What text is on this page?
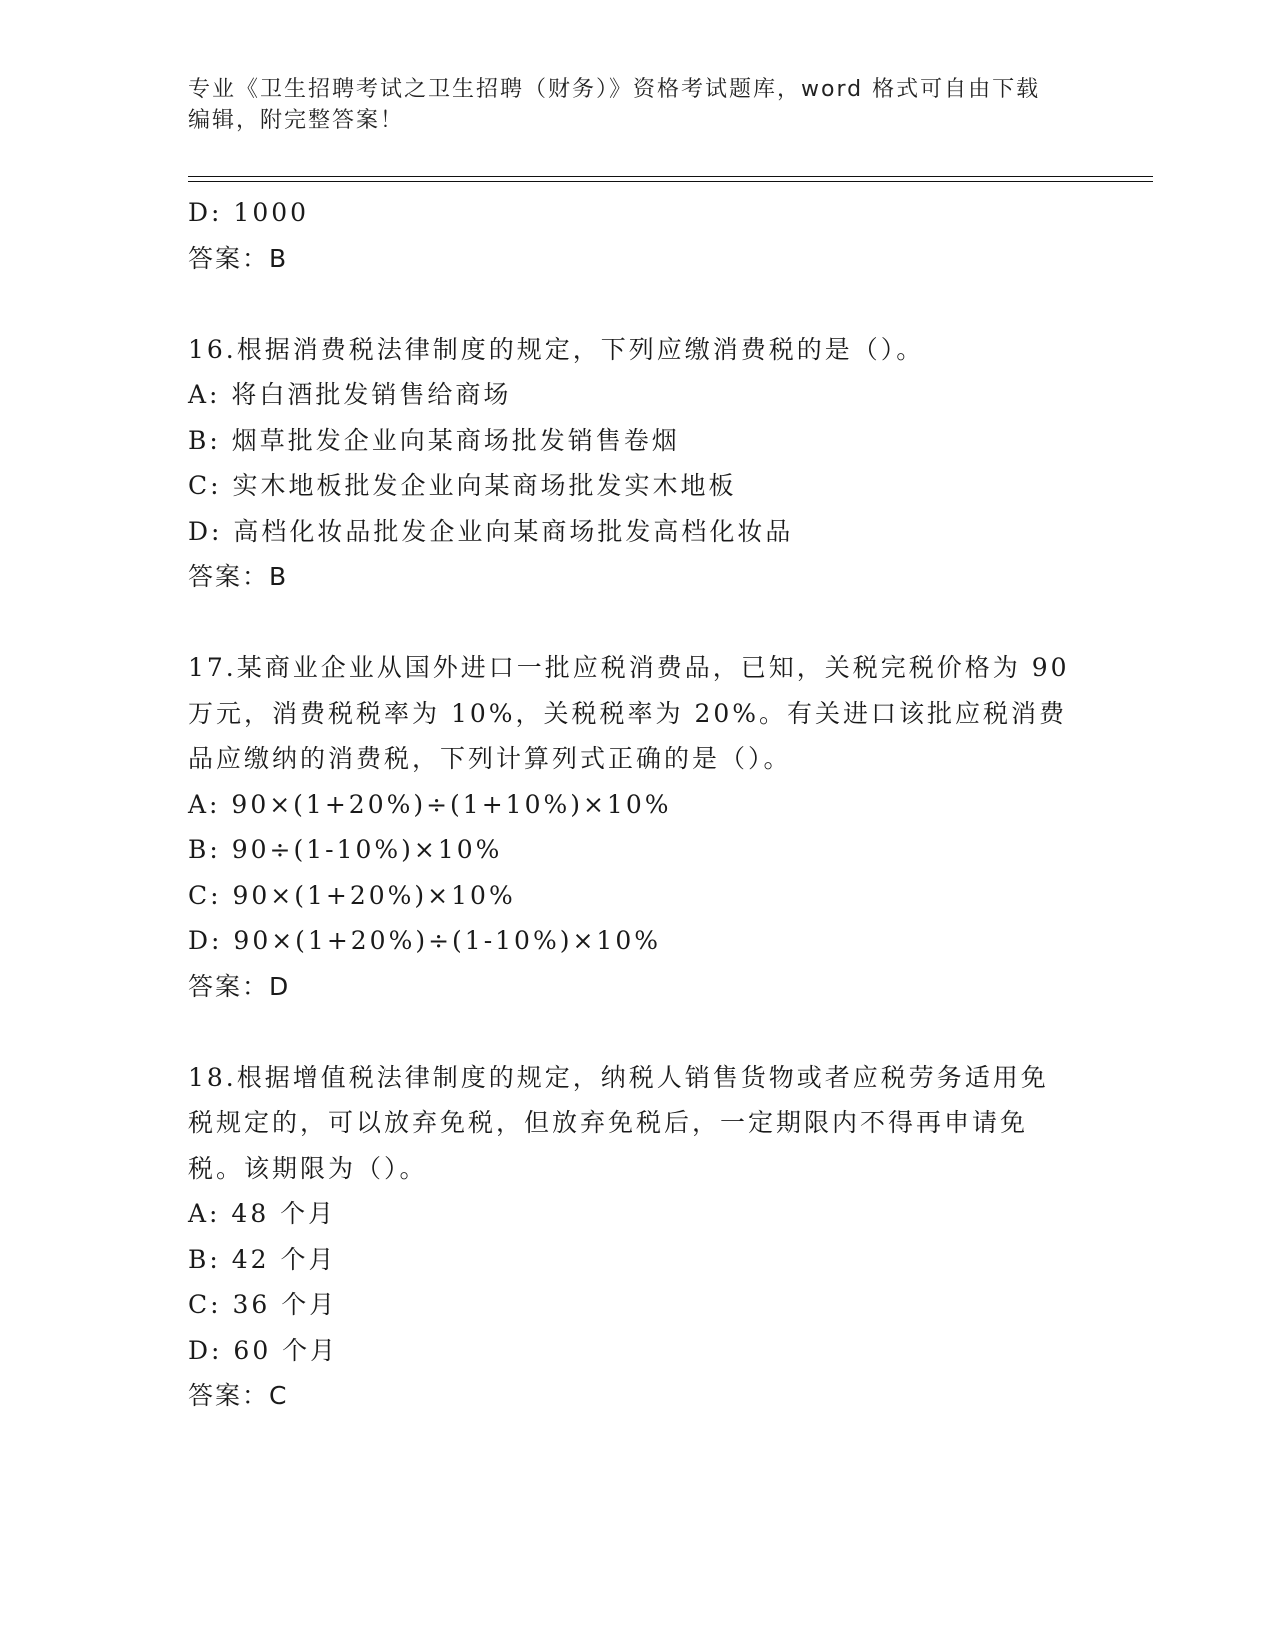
专业《卫生招聘考试之卫生招聘（财务）》资格考试题库，word 格式可自由下载
编辑，附完整答案！
D: 1000
答案：B
16.根据消费税法律制度的规定，下列应缴消费税的是（）。
A: 将白酒批发销售给商场
B: 烟草批发企业向某商场批发销售卷烟
C: 实木地板批发企业向某商场批发实木地板
D: 高档化妆品批发企业向某商场批发高档化妆品
答案：B
17.某商业企业从国外进口一批应税消费品，已知，关税完税价格为 90
万元，消费税税率为 10%，关税税率为 20%。有关进口该批应税消费
品应缴纳的消费税，下列计算列式正确的是（）。
A: 90×(1+20%)÷(1+10%)×10%
B: 90÷(1-10%)×10%
C: 90×(1+20%)×10%
D: 90×(1+20%)÷(1-10%)×10%
答案：D
18.根据增值税法律制度的规定，纳税人销售货物或者应税劳务适用免
税规定的，可以放弃免税，但放弃免税后，一定期限内不得再申请免
税。该期限为（）。
A: 48 个月
B: 42 个月
C: 36 个月
D: 60 个月
答案：C
